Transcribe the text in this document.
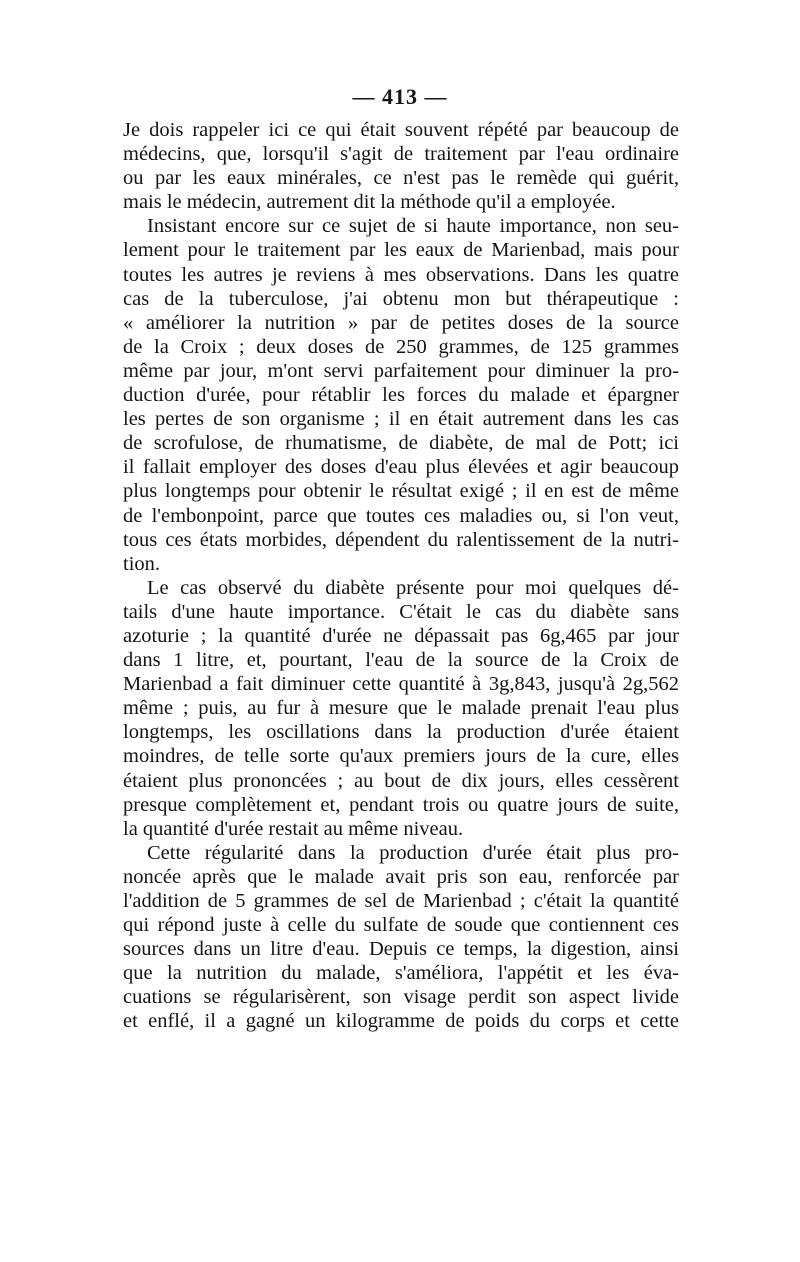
— 413 —
Je dois rappeler ici ce qui était souvent répété par beaucoup de
médecins, que, lorsqu'il s'agit de traitement par l'eau ordinaire
ou par les eaux minérales, ce n'est pas le remède qui guérit,
mais le médecin, autrement dit la méthode qu'il a employée.
Insistant encore sur ce sujet de si haute importance, non seu-
lement pour le traitement par les eaux de Marienbad, mais pour
toutes les autres je reviens à mes observations. Dans les quatre
cas de la tuberculose, j'ai obtenu mon but thérapeutique :
« améliorer la nutrition » par de petites doses de la source
de la Croix ; deux doses de 250 grammes, de 125 grammes
même par jour, m'ont servi parfaitement pour diminuer la pro-
duction d'urée, pour rétablir les forces du malade et épargner
les pertes de son organisme ; il en était autrement dans les cas
de scrofulose, de rhumatisme, de diabète, de mal de Pott; ici
il fallait employer des doses d'eau plus élevées et agir beaucoup
plus longtemps pour obtenir le résultat exigé ; il en est de même
de l'embonpoint, parce que toutes ces maladies ou, si l'on veut,
tous ces états morbides, dépendent du ralentissement de la nutri-
tion.
Le cas observé du diabète présente pour moi quelques dé-
tails d'une haute importance. C'était le cas du diabète sans
azoturie ; la quantité d'urée ne dépassait pas 6g,465 par jour
dans 1 litre, et, pourtant, l'eau de la source de la Croix de
Marienbad a fait diminuer cette quantité à 3g,843, jusqu'à 2g,562
même ; puis, au fur à mesure que le malade prenait l'eau plus
longtemps, les oscillations dans la production d'urée étaient
moindres, de telle sorte qu'aux premiers jours de la cure, elles
étaient plus prononcées ; au bout de dix jours, elles cessèrent
presque complètement et, pendant trois ou quatre jours de suite,
la quantité d'urée restait au même niveau.
Cette régularité dans la production d'urée était plus pro-
noncée après que le malade avait pris son eau, renforcée par
l'addition de 5 grammes de sel de Marienbad ; c'était la quantité
qui répond juste à celle du sulfate de soude que contiennent ces
sources dans un litre d'eau. Depuis ce temps, la digestion, ainsi
que la nutrition du malade, s'améliora, l'appétit et les éva-
cuations se régularisèrent, son visage perdit son aspect livide
et enflé, il a gagné un kilogramme de poids du corps et cette
